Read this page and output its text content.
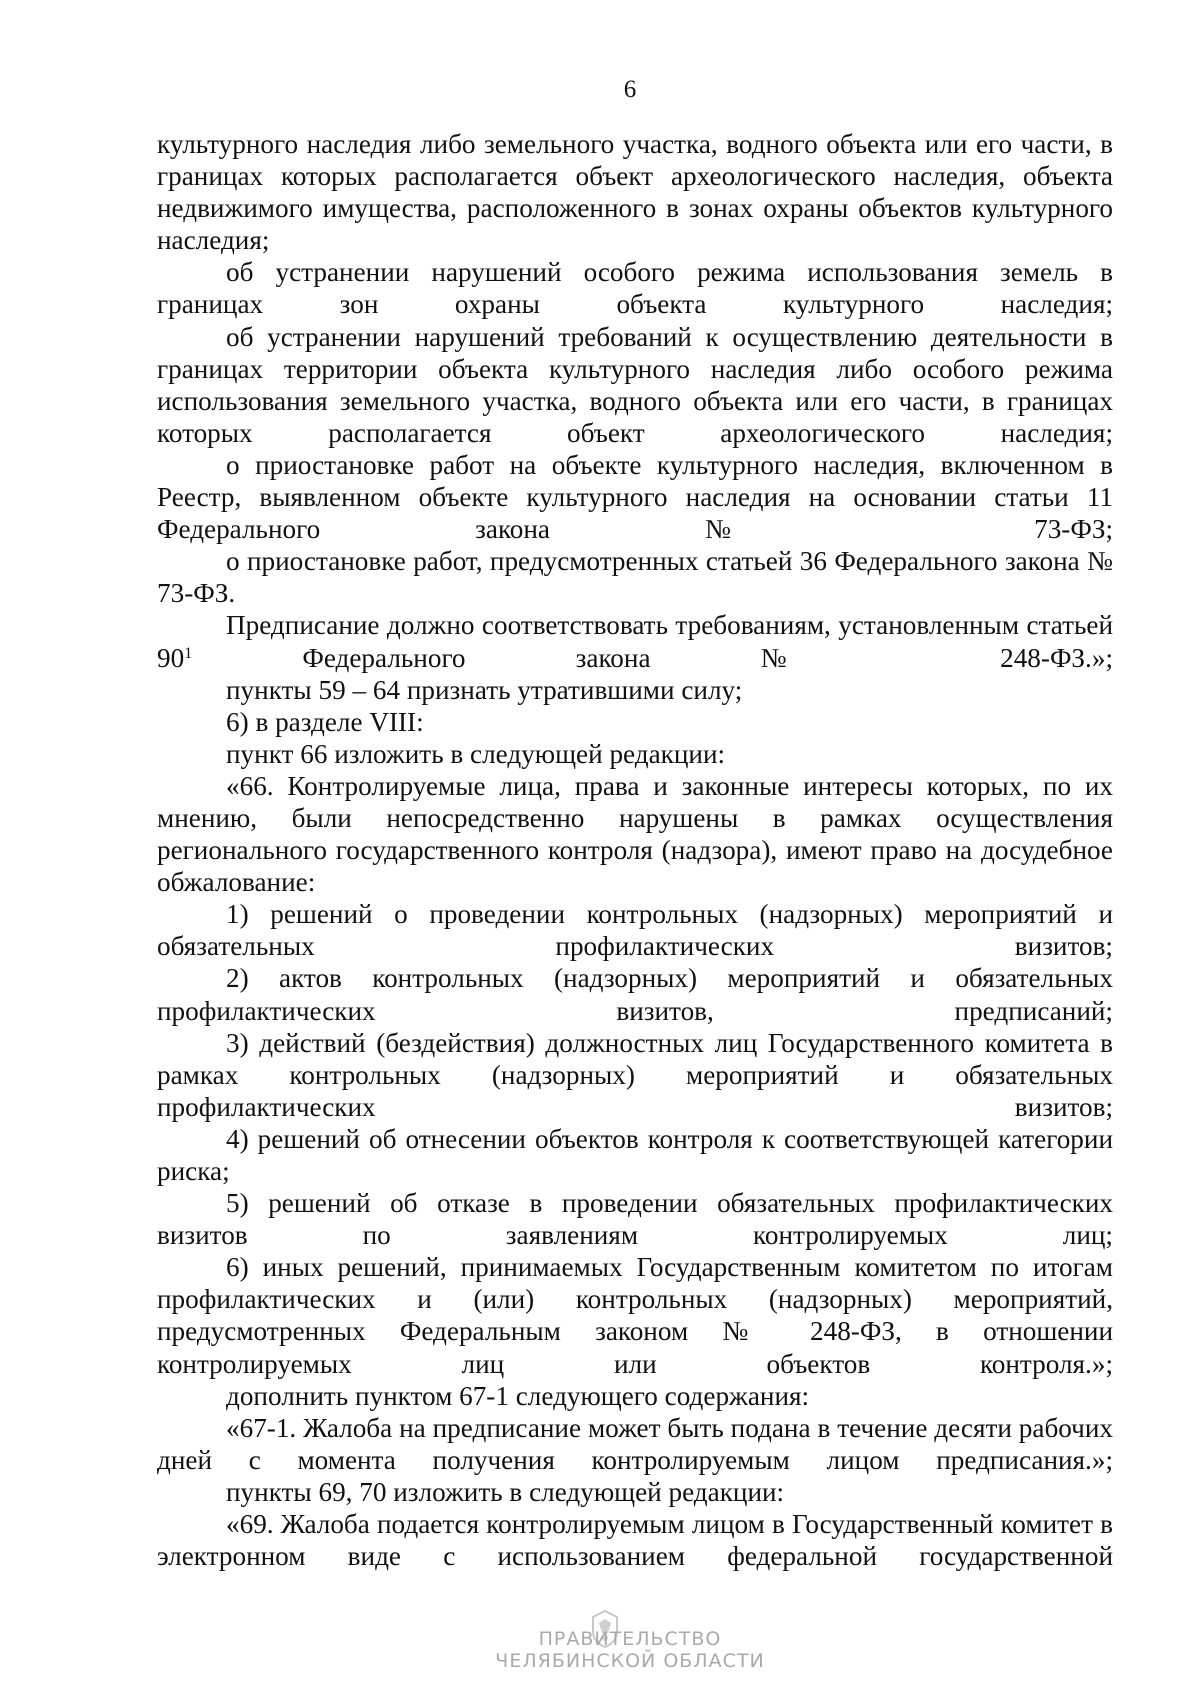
6

культурного наследия либо земельного участка, водного объекта или его части, в границах которых располагается объект археологического наследия, объекта недвижимого имущества, расположенного в зонах охраны объектов культурного наследия;

об устранении нарушений особого режима использования земель в границах зон охраны объекта культурного наследия;

об устранении нарушений требований к осуществлению деятельности в границах территории объекта культурного наследия либо особого режима использования земельного участка, водного объекта или его части, в границах которых располагается объект археологического наследия;

о приостановке работ на объекте культурного наследия, включенном в Реестр, выявленном объекте культурного наследия на основании статьи 11 Федерального закона № 73-ФЗ;

о приостановке работ, предусмотренных статьей 36 Федерального закона № 73-ФЗ.

Предписание должно соответствовать требованиям, установленным статьей $90^1$ Федерального закона № 248-ФЗ.»;

пункты 59 – 64 признать утратившими силу;

6) в разделе VIII:

пункт 66 изложить в следующей редакции:

«66. Контролируемые лица, права и законные интересы которых, по их мнению, были непосредственно нарушены в рамках осуществления регионального государственного контроля (надзора), имеют право на досудебное обжалование:

1) решений о проведении контрольных (надзорных) мероприятий и обязательных профилактических визитов;

2) актов контрольных (надзорных) мероприятий и обязательных профилактических визитов, предписаний;

3) действий (бездействия) должностных лиц Государственного комитета в рамках контрольных (надзорных) мероприятий и обязательных профилактических визитов;

4) решений об отнесении объектов контроля к соответствующей категории риска;

5) решений об отказе в проведении обязательных профилактических визитов по заявлениям контролируемых лиц;

6) иных решений, принимаемых Государственным комитетом по итогам профилактических и (или) контрольных (надзорных) мероприятий, предусмотренных Федеральным законом № 248-ФЗ, в отношении контролируемых лиц или объектов контроля.»;

дополнить пунктом 67-1 следующего содержания:

«67-1. Жалоба на предписание может быть подана в течение десяти рабочих дней с момента получения контролируемым лицом предписания.»;

пункты 69, 70 изложить в следующей редакции:

«69. Жалоба подается контролируемым лицом в Государственный комитет в электронном виде с использованием федеральной государственной

ПРАВИТЕЛЬСТВО
ЧЕЛЯБИНСКОЙ ОБЛАСТИ
